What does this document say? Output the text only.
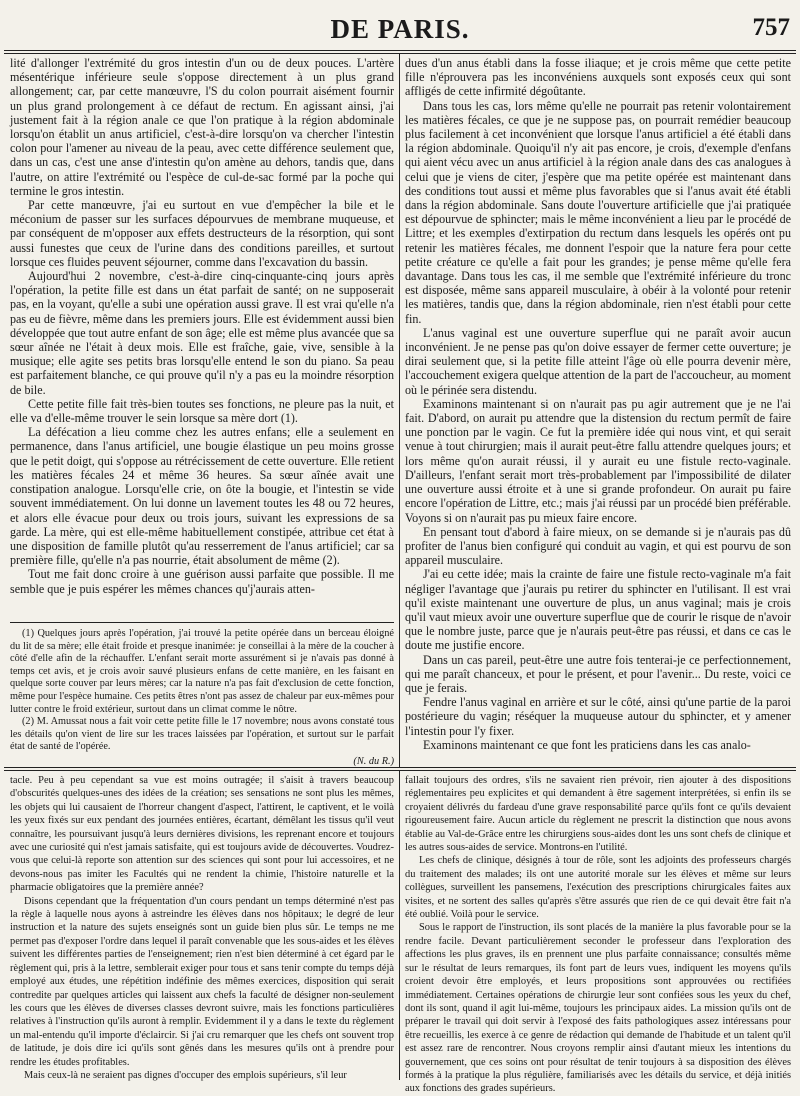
DE PARIS.	757

lité d'allonger l'extrémité du gros intestin d'un ou de deux pouces. L'artère mésentérique inférieure seule s'oppose directement à un plus grand allongement; car, par cette manœuvre, l'S du colon pourrait aisément fournir un plus grand prolongement à ce défaut de rectum. En agissant ainsi, j'ai justement fait à la région anale ce que l'on pratique à la région abdominale lorsqu'on établit un anus artificiel, c'est-à-dire lorsqu'on va chercher l'intestin colon pour l'amener au niveau de la peau, avec cette différence seulement que, dans un cas, c'est une anse d'intestin qu'on amène au dehors, tandis que, dans l'autre, on attire l'extrémité ou l'espèce de cul-de-sac formé par la poche qui termine le gros intestin.

Par cette manœuvre, j'ai eu surtout en vue d'empêcher la bile et le méconium de passer sur les surfaces dépourvues de membrane muqueuse, et par conséquent de m'opposer aux effets destructeurs de la résorption, qui sont aussi funestes que ceux de l'urine dans des conditions pareilles, et surtout lorsque ces fluides peuvent séjourner, comme dans l'excavation du bassin.

Aujourd'hui 2 novembre, c'est-à-dire cinq-cinquante-cinq jours après l'opération, la petite fille est dans un état parfait de santé; on ne supposerait pas, en la voyant, qu'elle a subi une opération aussi grave. Il est vrai qu'elle n'a pas eu de fièvre, même dans les premiers jours. Elle est évidemment aussi bien développée que tout autre enfant de son âge; elle est même plus avancée que sa sœur aînée ne l'était à deux mois. Elle est fraîche, gaie, vive, sensible à la musique; elle agite ses petits bras lorsqu'elle entend le son du piano. Sa peau est parfaitement blanche, ce qui prouve qu'il n'y a pas eu la moindre résorption de bile.

Cette petite fille fait très-bien toutes ses fonctions, ne pleure pas la nuit, et elle va d'elle-même trouver le sein lorsque sa mère dort (1).

La défécation a lieu comme chez les autres enfans; elle a seulement en permanence, dans l'anus artificiel, une bougie élastique un peu moins grosse que le petit doigt, qui s'oppose au rétrécissement de cette ouverture. Elle retient les matières fécales 24 et même 36 heures. Sa sœur aînée avait une constipation analogue. Lorsqu'elle crie, on ôte la bougie, et l'intestin se vide souvent immédiatement. On lui donne un lavement toutes les 48 ou 72 heures, et alors elle évacue pour deux ou trois jours, suivant les expressions de sa garde. La mère, qui est elle-même habituellement constipée, attribue cet état à une disposition de famille plutôt qu'au resserrement de l'anus artificiel; car sa première fille, qu'elle n'a pas nourrie, était absolument de même (2).

Tout me fait donc croire à une guérison aussi parfaite que possible. Il me semble que je puis espérer les mêmes chances qu'j'aurais atten-

(1) Quelques jours après l'opération, j'ai trouvé la petite opérée dans un berceau éloigné du lit de sa mère; elle était froide et presque inanimée: je conseillai à la mère de la coucher à côté d'elle afin de la réchauffer. L'enfant serait morte assurément si je n'avais pas donné à temps cet avis, et je crois avoir sauvé plusieurs enfans de cette manière, en les faisant en quelque sorte couver par leurs mères; car la nature n'a pas fait d'exclusion de cette fonction, même pour l'espèce humaine. Ces petits êtres n'ont pas assez de chaleur par eux-mêmes pour lutter contre le froid extérieur, surtout dans un climat comme le nôtre.

(2) M. Amussat nous a fait voir cette petite fille le 17 novembre; nous avons constaté tous les détails qu'on vient de lire sur les traces laissées par l'opération, et surtout sur le parfait état de santé de l'opérée.

(N. du R.)

dues d'un anus établi dans la fosse iliaque; et je crois même que cette petite fille n'éprouvera pas les inconvéniens auxquels sont exposés ceux qui sont affligés de cette infirmité dégoûtante.

Dans tous les cas, lors même qu'elle ne pourrait pas retenir volontairement les matières fécales, ce que je ne suppose pas, on pourrait remédier beaucoup plus facilement à cet inconvénient que lorsque l'anus artificiel a été établi dans la région abdominale. Quoiqu'il n'y ait pas encore, je crois, d'exemple d'enfans qui aient vécu avec un anus artificiel à la région anale dans des cas analogues à celui que je viens de citer, j'espère que ma petite opérée est maintenant dans des conditions tout aussi et même plus favorables que si l'anus avait été établi dans la région abdominale. Sans doute l'ouverture artificielle que j'ai pratiquée est dépourvue de sphincter; mais le même inconvénient a lieu par le procédé de Littre; et les exemples d'extirpation du rectum dans lesquels les opérés ont pu retenir les matières fécales, me donnent l'espoir que la nature fera pour cette petite créature ce qu'elle a fait pour les grandes; je pense même qu'elle fera davantage. Dans tous les cas, il me semble que l'extrémité inférieure du tronc est disposée, même sans appareil musculaire, à obéir à la volonté pour retenir les matières, tandis que, dans la région abdominale, rien n'est établi pour cette fin.

L'anus vaginal est une ouverture superflue qui ne paraît avoir aucun inconvénient. Je ne pense pas qu'on doive essayer de fermer cette ouverture; je dirai seulement que, si la petite fille atteint l'âge où elle pourra devenir mère, l'accouchement exigera quelque attention de la part de l'accoucheur, au moment où le périnée sera distendu.

Examinons maintenant si on n'aurait pas pu agir autrement que je ne l'ai fait. D'abord, on aurait pu attendre que la distension du rectum permît de faire une ponction par le vagin. Ce fut la première idée qui nous vint, et qui serait venue à tout chirurgien; mais il aurait peut-être fallu attendre quelques jours; et lors même qu'on aurait réussi, il y aurait eu une fistule recto-vaginale. D'ailleurs, l'enfant serait mort très-probablement par l'impossibilité de dilater une ouverture aussi étroite et à une si grande profondeur. On aurait pu faire encore l'opération de Littre, etc.; mais j'ai réussi par un procédé bien préférable. Voyons si on n'aurait pas pu mieux faire encore.

En pensant tout d'abord à faire mieux, on se demande si je n'aurais pas dû profiter de l'anus bien configuré qui conduit au vagin, et qui est pourvu de son appareil musculaire.

J'ai eu cette idée; mais la crainte de faire une fistule recto-vaginale m'a fait négliger l'avantage que j'aurais pu retirer du sphincter en l'utilisant. Il est vrai qu'il existe maintenant une ouverture de plus, un anus vaginal; mais je crois qu'il vaut mieux avoir une ouverture superflue que de courir le risque de n'avoir que le nombre juste, parce que je n'aurais peut-être pas réussi, et dans ce cas le doute me justifie encore.

Dans un cas pareil, peut-être une autre fois tenterai-je ce perfectionnement, qui me paraît chanceux, et pour le présent, et pour l'avenir... Du reste, voici ce que je ferais.

Fendre l'anus vaginal en arrière et sur le côté, ainsi qu'une partie de la paroi postérieure du vagin; réséquer la muqueuse autour du sphincter, et y amener l'intestin pour l'y fixer.

Examinons maintenant ce que font les praticiens dans les cas analo-

tacle. Peu à peu cependant sa vue est moins outragée; il s'aisit à travers beaucoup d'obscurités quelques-unes des idées de la création; ses sensations ne sont plus les mêmes, les objets qui lui causaient de l'horreur changent d'aspect, l'attirent, le captivent, et le voilà les yeux fixés sur eux pendant des journées entières, écartant, démêlant les tissus qu'il veut connaître, les poursuivant jusqu'à leurs dernières divisions, les reprenant encore et toujours avec une curiosité qui n'est jamais satisfaite, qui est toujours avide de découvertes. Voudrez-vous que celui-là reporte son attention sur des sciences qui sont pour lui accessoires, et ne devons-nous pas imiter les Facultés qui ne rendent la chimie, l'histoire naturelle et la pharmacie obligatoires que la première année?

Disons cependant que la fréquentation d'un cours pendant un temps déterminé n'est pas la règle à laquelle nous ayons à astreindre les élèves dans nos hôpitaux; le degré de leur instruction et la nature des sujets enseignés sont un guide bien plus sûr. Le temps ne me permet pas d'exposer l'ordre dans lequel il paraît convenable que les sous-aides et les élèves suivent les différentes parties de l'enseignement; rien n'est bien déterminé à cet égard par le règlement qui, pris à la lettre, semblerait exiger pour tous et sans tenir compte du temps déjà employé aux études, une répétition indéfinie des mêmes exercices, disposition qui serait contredite par quelques articles qui laissent aux chefs la faculté de désigner non-seulement les cours que les élèves de diverses classes devront suivre, mais les fonctions particulières relatives à l'instruction qu'ils auront à remplir. Evidemment il y a dans le texte du règlement un mal-entendu qu'il importe d'éclaircir. Si j'ai cru remarquer que les chefs ont souvent trop de latitude, je dois dire ici qu'ils sont gênés dans les mesures qu'ils ont à prendre pour rendre les études profitables.

Mais ceux-là ne seraient pas dignes d'occuper des emplois supérieurs, s'il leur

fallait toujours des ordres, s'ils ne savaient rien prévoir, rien ajouter à des dispositions réglementaires peu explicites et qui demandent à être sagement interprétées, si enfin ils se croyaient délivrés du fardeau d'une grave responsabilité parce qu'ils font ce qu'ils devaient rigoureusement faire. Aucun article du règlement ne prescrit la distinction que nous avons établie au Val-de-Grâce entre les chirurgiens sous-aides dont les uns sont chefs de clinique et les autres sous-aides de service. Montrons-en l'utilité.

Les chefs de clinique, désignés à tour de rôle, sont les adjoints des professeurs chargés du traitement des malades; ils ont une autorité morale sur les élèves et même sur leurs collègues, surveillent les pansemens, l'exécution des prescriptions chirurgicales faites aux visites, et ne sortent des salles qu'après s'être assurés que rien de ce qui devait être fait n'a été oublié. Voilà pour le service.

Sous le rapport de l'instruction, ils sont placés de la manière la plus favorable pour se la rendre facile. Devant particulièrement seconder le professeur dans l'exploration des affections les plus graves, ils en prennent une plus parfaite connaissance; consultés même sur le résultat de leurs remarques, ils font part de leurs vues, indiquent les moyens qu'ils croient devoir être employés, et leurs propositions sont approuvées ou rectifiées immédiatement. Certaines opérations de chirurgie leur sont confiées sous les yeux du chef, dont ils sont, quand il agit lui-même, toujours les principaux aides. La mission qu'ils ont de préparer le travail qui doit servir à l'exposé des faits pathologiques assez intéressans pour être recueillis, les exerce à ce genre de rédaction qui demande de l'habitude et un talent qu'il est assez rare de rencontrer. Nous croyons remplir ainsi d'autant mieux les intentions du gouvernement, que ces soins ont pour résultat de tenir toujours à sa disposition des élèves formés à la pratique la plus régulière, familiarisés avec les détails du service, et déjà initiés aux fonctions des grades supérieurs.
